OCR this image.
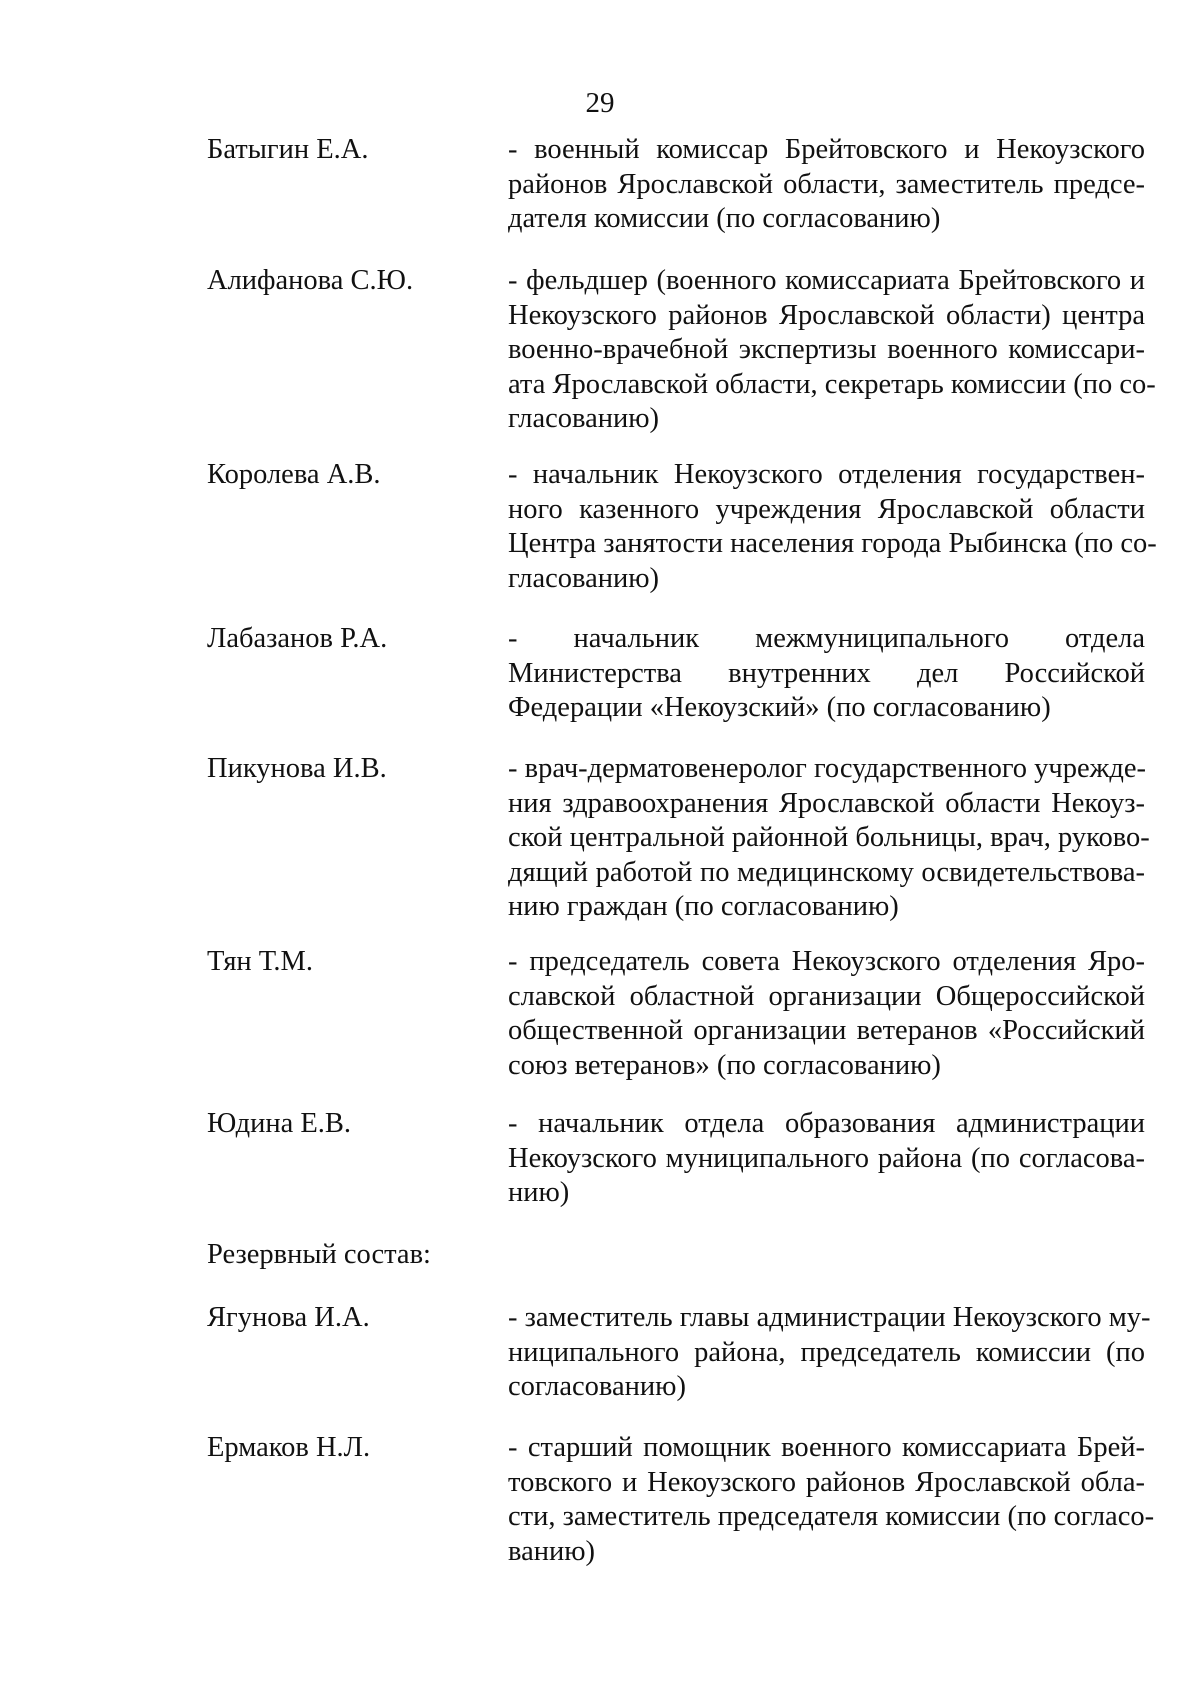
29
Батыгин Е.А.	- военный комиссар Брейтовского и Некоузского
районов Ярославской области, заместитель предсе-
дателя комиссии (по согласованию)
Алифанова С.Ю.	- фельдшер (военного комиссариата Брейтовского и
Некоузского районов Ярославской области) центра
военно-врачебной экспертизы военного комиссари-
ата Ярославской области, секретарь комиссии (по со-
гласованию)
Королева А.В.	- начальник Некоузского отделения государствен-
ного казенного учреждения Ярославской области
Центра занятости населения города Рыбинска (по со-
гласованию)
Лабазанов Р.А.	- начальник межмуниципального отдела
Министерства внутренних дел Российской
Федерации «Некоузский» (по согласованию)
Пикунова И.В.	- врач-дерматовенеролог государственного учрежде-
ния здравоохранения Ярославской области Некоуз-
ской центральной районной больницы, врач, руково-
дящий работой по медицинскому освидетельствова-
нию граждан (по согласованию)
Тян Т.М.	- председатель совета Некоузского отделения Яро-
славской областной организации Общероссийской
общественной организации ветеранов «Российский
союз ветеранов» (по согласованию)
Юдина Е.В.	- начальник отдела образования администрации
Некоузского муниципального района (по согласова-
нию)
Резервный состав:
Ягунова И.А.	- заместитель главы администрации Некоузского му-
ниципального района, председатель комиссии (по
согласованию)
Ермаков Н.Л.	- старший помощник военного комиссариата Брей-
товского и Некоузского районов Ярославской обла-
сти, заместитель председателя комиссии (по согласо-
ванию)
